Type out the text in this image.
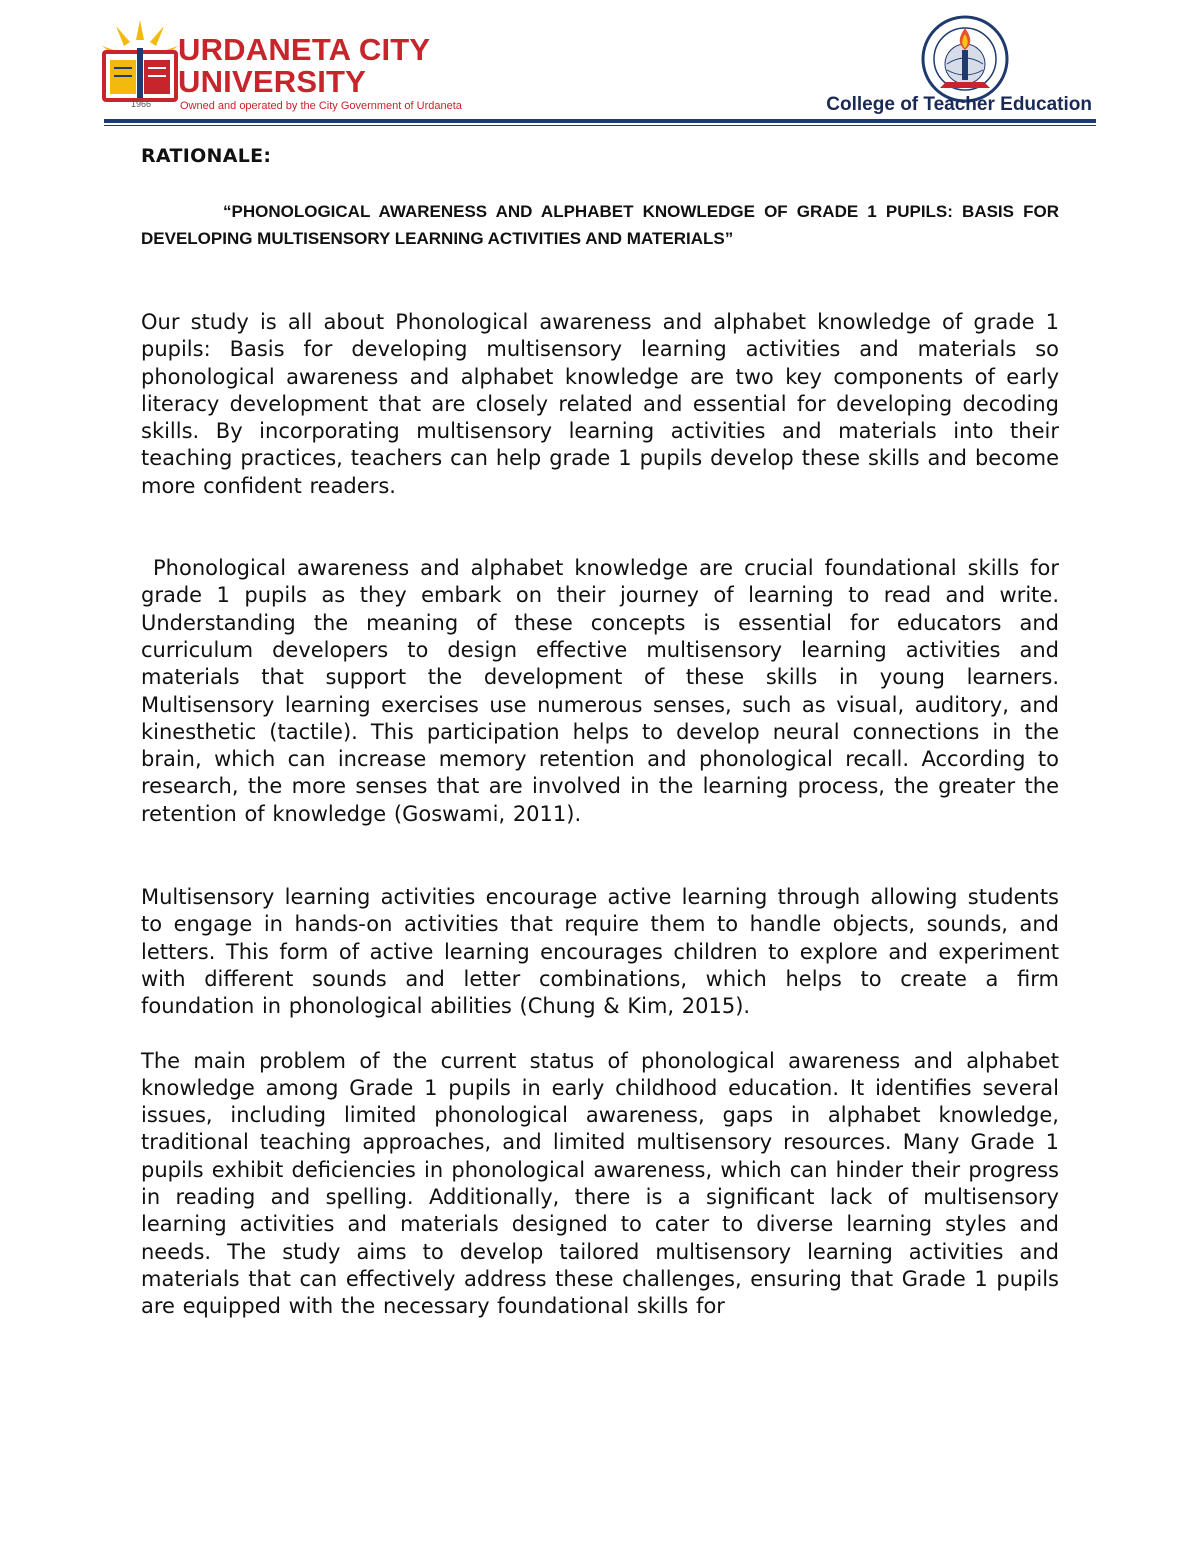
URDANETA CITY
UNIVERSITY
1966	Owned and operated by the City Government of Urdaneta	College of Teacher Education

RATIONALE:

“PHONOLOGICAL AWARENESS AND ALPHABET KNOWLEDGE OF GRADE 1 PUPILS: BASIS FOR DEVELOPING MULTISENSORY LEARNING ACTIVITIES AND MATERIALS”

Our study is all about Phonological awareness and alphabet knowledge of grade 1 pupils: Basis for developing multisensory learning activities and materials so phonological awareness and alphabet knowledge are two key components of early literacy development that are closely related and essential for developing decoding skills. By incorporating multisensory learning activities and materials into their teaching practices, teachers can help grade 1 pupils develop these skills and become more confident readers.

Phonological awareness and alphabet knowledge are crucial foundational skills for grade 1 pupils as they embark on their journey of learning to read and write. Understanding the meaning of these concepts is essential for educators and curriculum developers to design effective multisensory learning activities and materials that support the development of these skills in young learners. Multisensory learning exercises use numerous senses, such as visual, auditory, and kinesthetic (tactile). This participation helps to develop neural connections in the brain, which can increase memory retention and phonological recall. According to research, the more senses that are involved in the learning process, the greater the retention of knowledge (Goswami, 2011).

Multisensory learning activities encourage active learning through allowing students to engage in hands-on activities that require them to handle objects, sounds, and letters. This form of active learning encourages children to explore and experiment with different sounds and letter combinations, which helps to create a firm foundation in phonological abilities (Chung & Kim, 2015).

The main problem of the current status of phonological awareness and alphabet knowledge among Grade 1 pupils in early childhood education. It identifies several issues, including limited phonological awareness, gaps in alphabet knowledge, traditional teaching approaches, and limited multisensory resources. Many Grade 1 pupils exhibit deficiencies in phonological awareness, which can hinder their progress in reading and spelling. Additionally, there is a significant lack of multisensory learning activities and materials designed to cater to diverse learning styles and needs. The study aims to develop tailored multisensory learning activities and materials that can effectively address these challenges, ensuring that Grade 1 pupils are equipped with the necessary foundational skills for
